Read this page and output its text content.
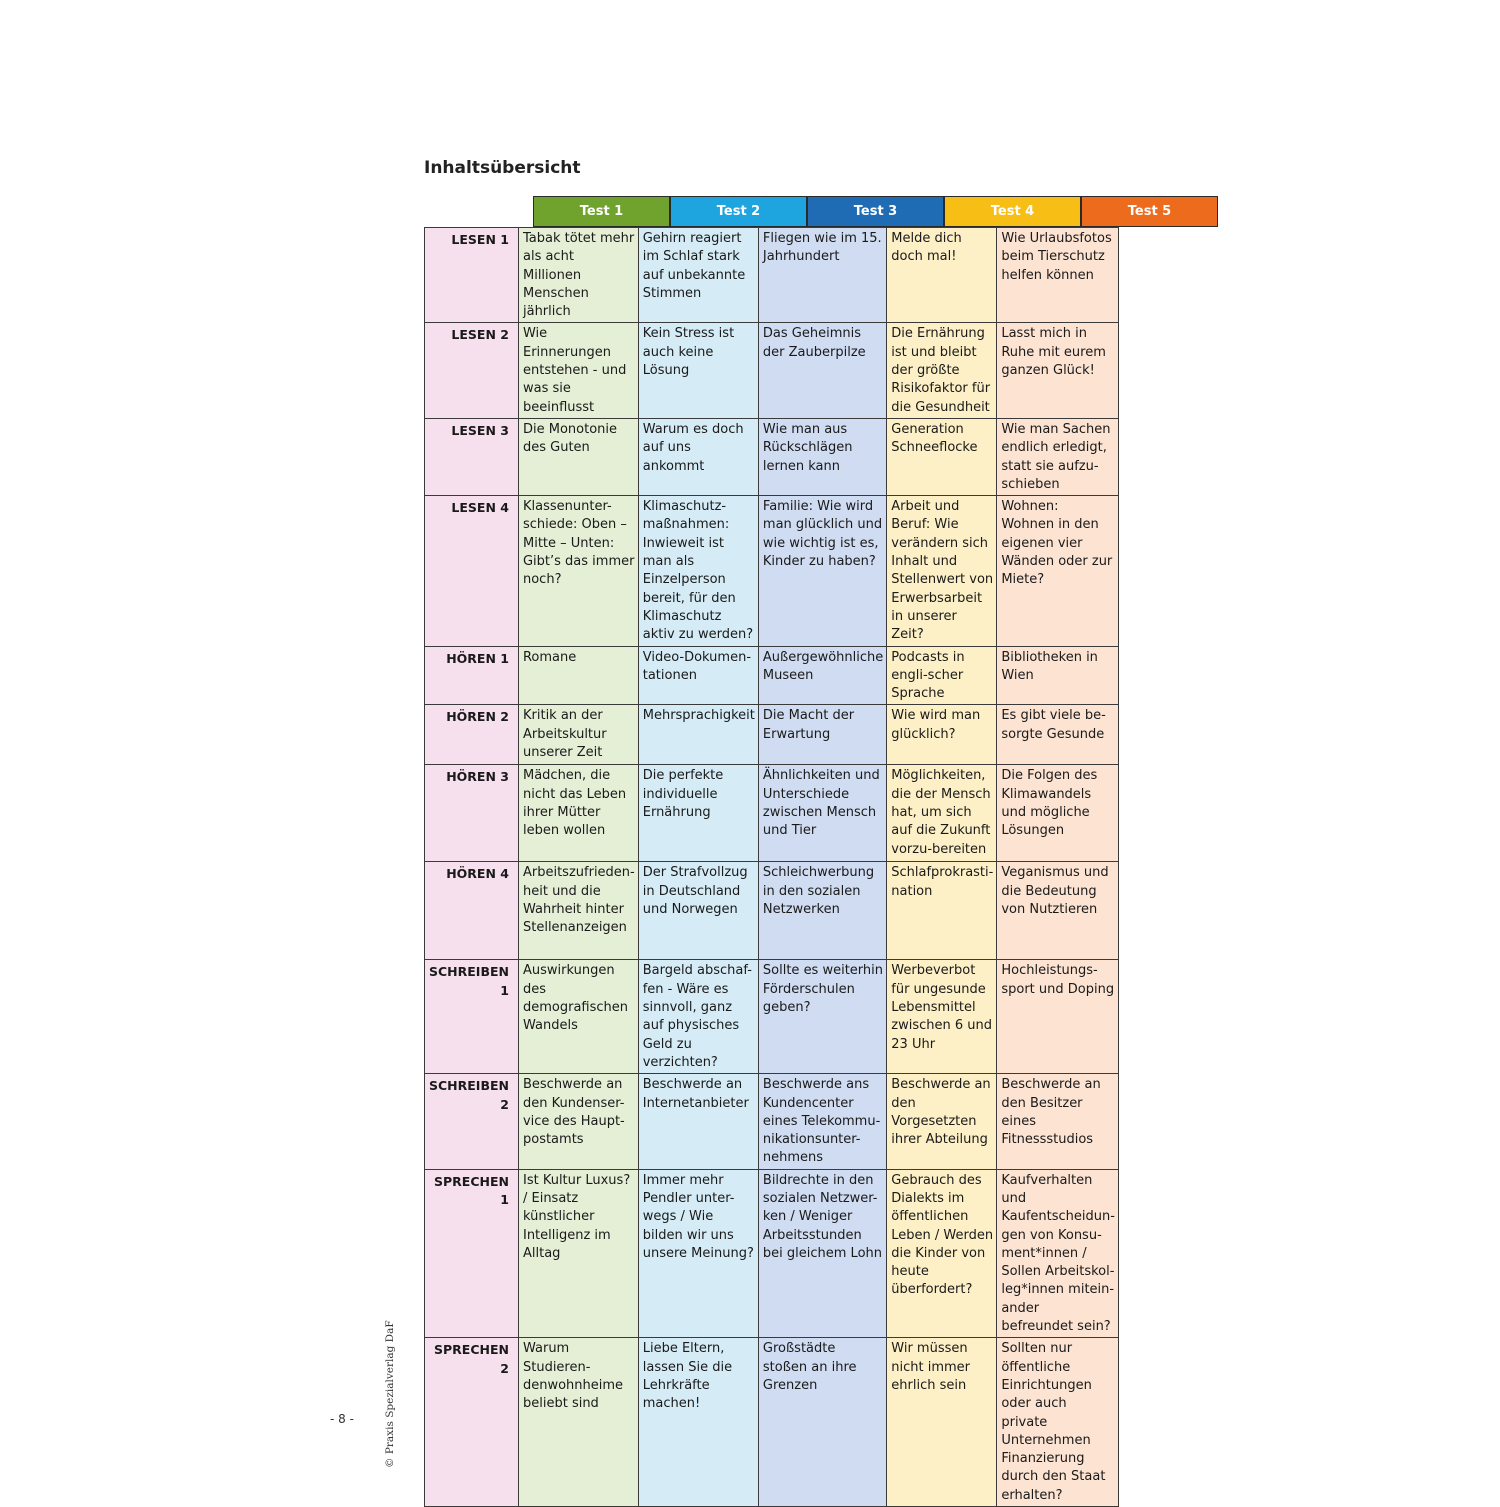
Inhaltsübersicht
Test 1	Test 2	Test 3	Test 4	Test 5
LESEN 1	Tabak tötet mehr als acht Millionen Menschen jährlich	Gehirn reagiert im Schlaf stark auf unbekannte Stimmen	Fliegen wie im 15. Jahrhundert	Melde dich doch mal!	Wie Urlaubsfotos beim Tierschutz helfen können
LESEN 2	Wie Erinnerungen entstehen - und was sie beeinflusst	Kein Stress ist auch keine Lösung	Das Geheimnis der Zauberpilze	Die Ernährung ist und bleibt der größte Risikofaktor für die Gesundheit	Lasst mich in Ruhe mit eurem ganzen Glück!
LESEN 3	Die Monotonie des Guten	Warum es doch auf uns ankommt	Wie man aus Rückschlägen lernen kann	Generation Schneeflocke	Wie man Sachen endlich erledigt, statt sie aufzu-schieben
LESEN 4	Klassenunter-schiede: Oben – Mitte – Unten: Gibt’s das immer noch?	Klimaschutz-maßnahmen: Inwieweit ist man als Einzelperson bereit, für den Klimaschutz aktiv zu werden?	Familie: Wie wird man glücklich und wie wichtig ist es, Kinder zu haben?	Arbeit und Beruf: Wie verändern sich Inhalt und Stellenwert von Erwerbsarbeit in unserer Zeit?	Wohnen: Wohnen in den eigenen vier Wänden oder zur Miete?
HÖREN 1	Romane	Video-Dokumen-tationen	Außergewöhnliche Museen	Podcasts in engli-scher Sprache	Bibliotheken in Wien
HÖREN 2	Kritik an der Arbeitskultur unserer Zeit	Mehrsprachigkeit	Die Macht der Erwartung	Wie wird man glücklich?	Es gibt viele be-sorgte Gesunde
HÖREN 3	Mädchen, die nicht das Leben ihrer Mütter leben wollen	Die perfekte individuelle Ernährung	Ähnlichkeiten und Unterschiede zwischen Mensch und Tier	Möglichkeiten, die der Mensch hat, um sich auf die Zukunft vorzu-bereiten	Die Folgen des Klimawandels und mögliche Lösungen
HÖREN 4	Arbeitszufrieden-heit und die Wahrheit hinter Stellenanzeigen	Der Strafvollzug in Deutschland und Norwegen	Schleichwerbung in den sozialen Netzwerken	Schlafprokrasti-nation	Veganismus und die Bedeutung von Nutztieren
SCHREIBEN 1	Auswirkungen des demografischen Wandels	Bargeld abschaf-fen - Wäre es sinnvoll, ganz auf physisches Geld zu verzichten?	Sollte es weiterhin Förderschulen geben?	Werbeverbot für ungesunde Lebensmittel zwischen 6 und 23 Uhr	Hochleistungs-sport und Doping
SCHREIBEN 2	Beschwerde an den Kundenser-vice des Haupt-postamts	Beschwerde an Internetanbieter	Beschwerde ans Kundencenter eines Telekommu-nikationsunter-nehmens	Beschwerde an den Vorgesetzten ihrer Abteilung	Beschwerde an den Besitzer eines Fitnessstudios
SPRECHEN 1	Ist Kultur Luxus? / Einsatz künstlicher Intelligenz im Alltag	Immer mehr Pendler unter-wegs / Wie bilden wir uns unsere Meinung?	Bildrechte in den sozialen Netzwer-ken / Weniger Arbeitsstunden bei gleichem Lohn	Gebrauch des Dialekts im öffentlichen Leben / Werden die Kinder von heute überfordert?	Kaufverhalten und Kaufentscheidun-gen von Konsu-ment*innen / Sollen Arbeitskol-leg*innen mitein-ander befreundet sein?
SPRECHEN 2	Warum Studieren-denwohnheime beliebt sind	Liebe Eltern, lassen Sie die Lehrkräfte machen!	Großstädte stoßen an ihre Grenzen	Wir müssen nicht immer ehrlich sein	Sollten nur öffentliche Einrichtungen oder auch private Unternehmen Finanzierung durch den Staat erhalten?
- 8 -	© Praxis Spezialverlag DaF
